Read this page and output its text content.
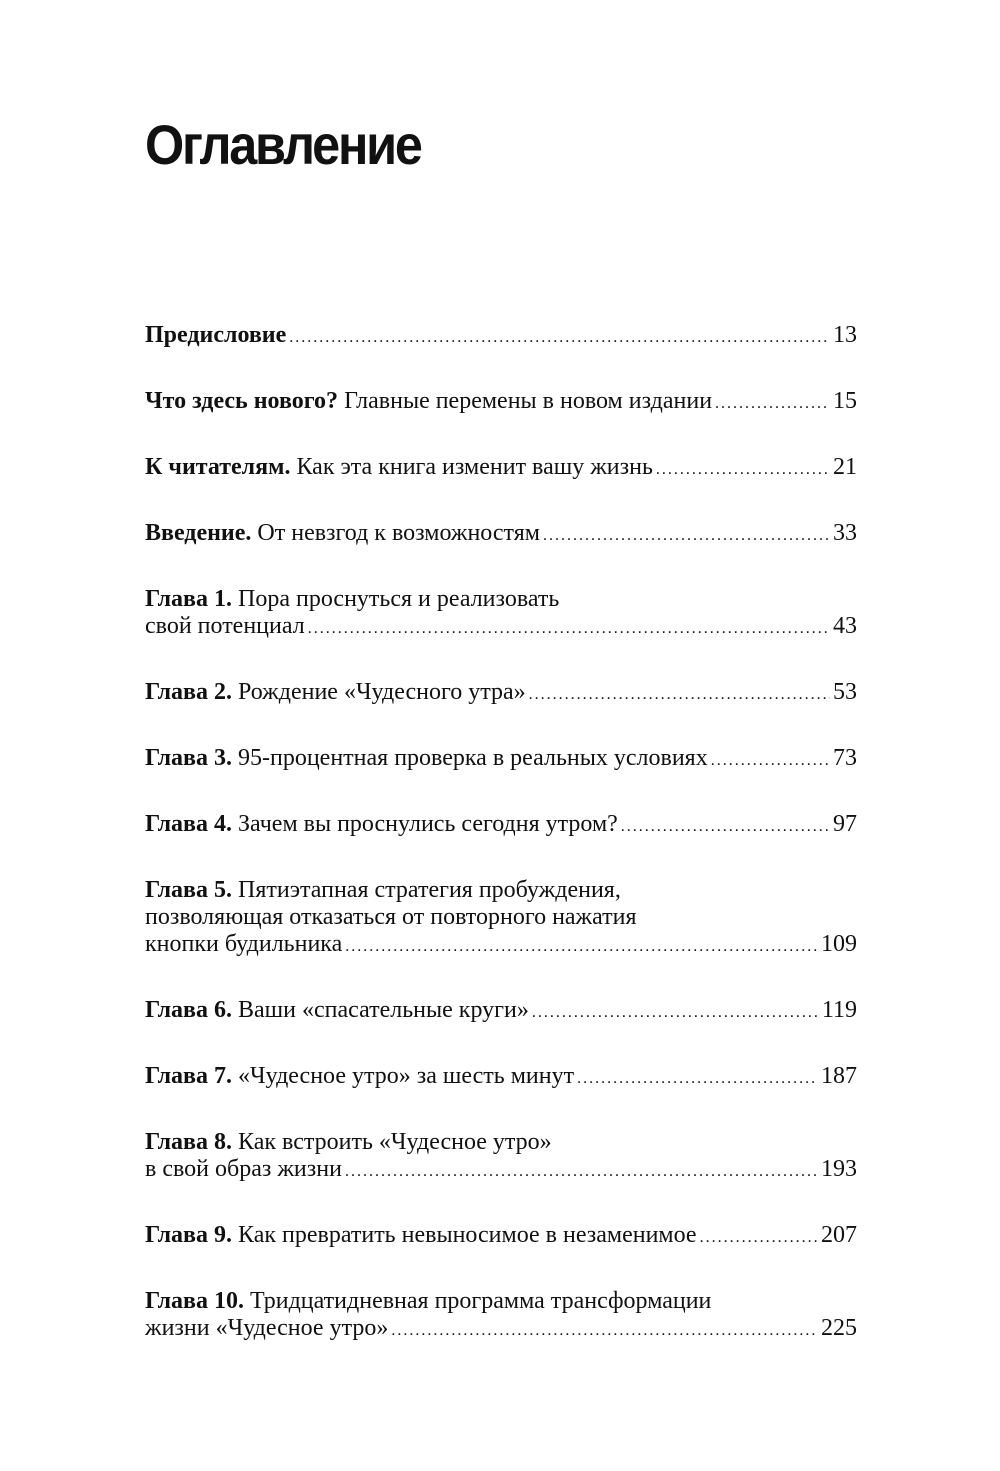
Оглавление
Предисловие . . .	13
Что здесь нового? Главные перемены в новом издании . . .	15
К читателям. Как эта книга изменит вашу жизнь . . .	21
Введение. От невзгод к возможностям . . .	33
Глава 1. Пора проснуться и реализовать
свой потенциал . . .	43
Глава 2. Рождение «Чудесного утра» . . .	53
Глава 3. 95-процентная проверка в реальных условиях . . .	73
Глава 4. Зачем вы проснулись сегодня утром? . . .	97
Глава 5. Пятиэтапная стратегия пробуждения,
позволяющая отказаться от повторного нажатия
кнопки будильника . . .	109
Глава 6. Ваши «спасательные круги» . . .	119
Глава 7. «Чудесное утро» за шесть минут . . .	187
Глава 8. Как встроить «Чудесное утро»
в свой образ жизни . . .	193
Глава 9. Как превратить невыносимое в незаменимое . . .	207
Глава 10. Тридцатидневная программа трансформации
жизни «Чудесное утро» . . .	225
